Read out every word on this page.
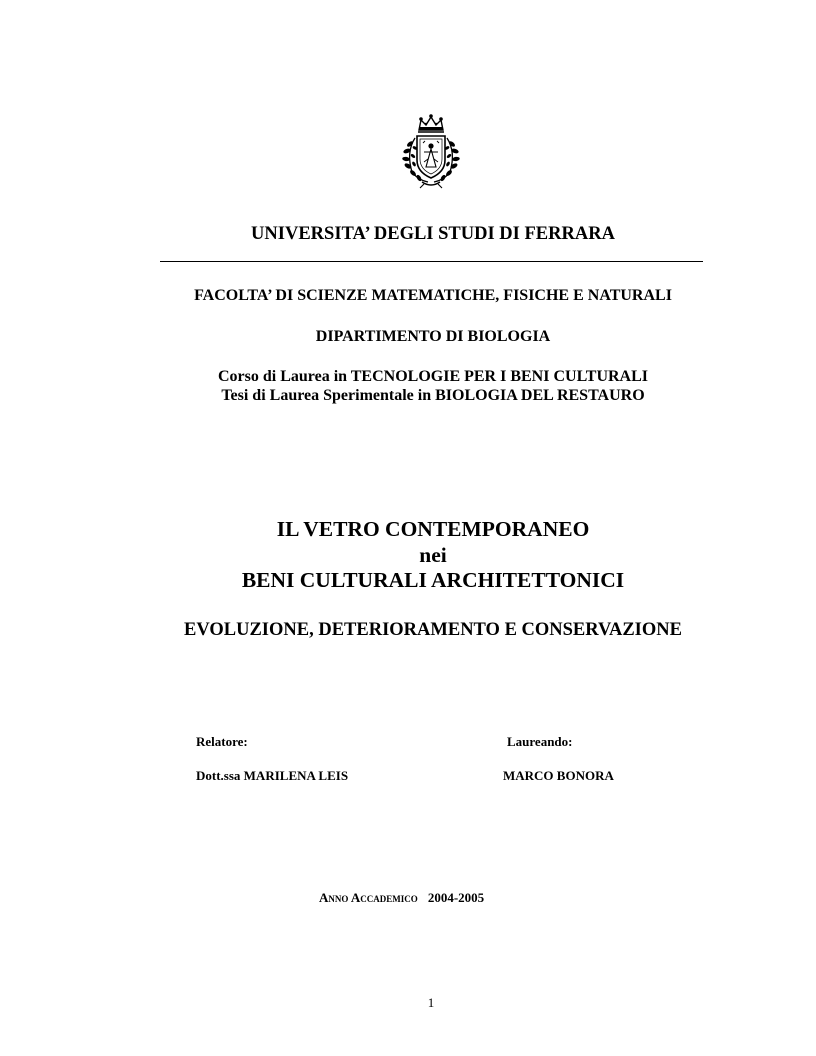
UNIVERSITA’ DEGLI STUDI DI FERRARA
FACOLTA’ DI SCIENZE MATEMATICHE, FISICHE E NATURALI
DIPARTIMENTO DI BIOLOGIA
Corso di Laurea in TECNOLOGIE PER I BENI CULTURALI
Tesi di Laurea Sperimentale in BIOLOGIA DEL RESTAURO
IL VETRO CONTEMPORANEO
nei
BENI CULTURALI ARCHITETTONICI
EVOLUZIONE, DETERIORAMENTO E CONSERVAZIONE
Relatore:
Dott.ssa MARILENA LEIS
Laureando:
MARCO BONORA
Anno Accademico 2004-2005
1
